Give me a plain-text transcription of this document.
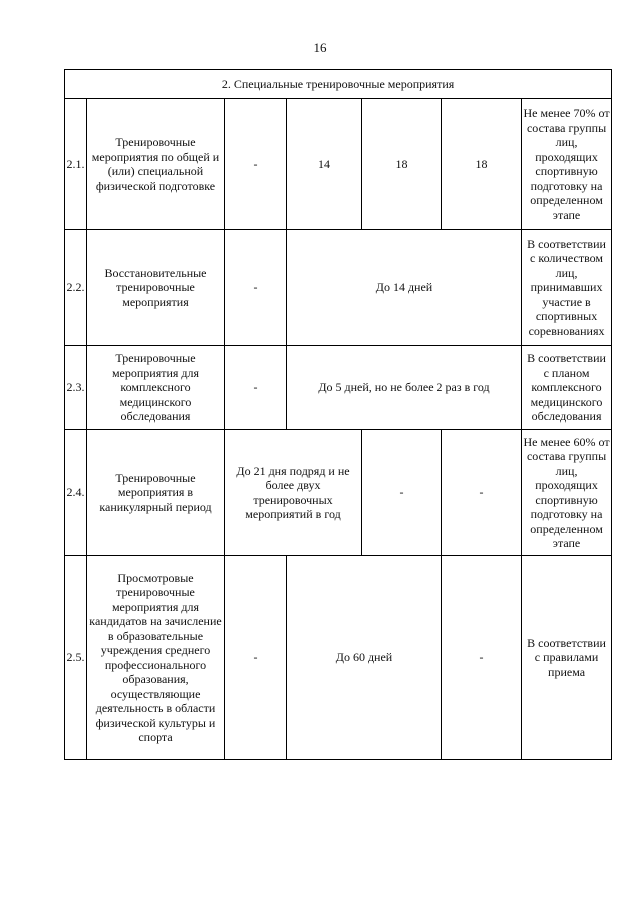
16
2. Специальные тренировочные мероприятия						
2.1.	Тренировочные мероприятия по общей и (или) специальной физической подготовке	-	14	18	18	Не менее 70% от состава группы лиц, проходящих спортивную подготовку на определенном этапе
2.2.	Восстановительные тренировочные мероприятия	-	До 14 дней			В соответствии с количеством лиц, принимавших участие в спортивных соревнованиях
2.3.	Тренировочные мероприятия для комплексного медицинского обследования	-	До 5 дней, но не более 2 раз в год			В соответствии с планом комплексного медицинского обследования
2.4.	Тренировочные мероприятия в каникулярный период	До 21 дня подряд и не более двух тренировочных мероприятий в год		-	-	Не менее 60% от состава группы лиц, проходящих спортивную подготовку на определенном этапе
2.5.	Просмотровые тренировочные мероприятия для кандидатов на зачисление в образовательные учреждения среднего профессионального образования, осуществляющие деятельность в области физической культуры и спорта	-	До 60 дней		-	В соответствии с правилами приема
